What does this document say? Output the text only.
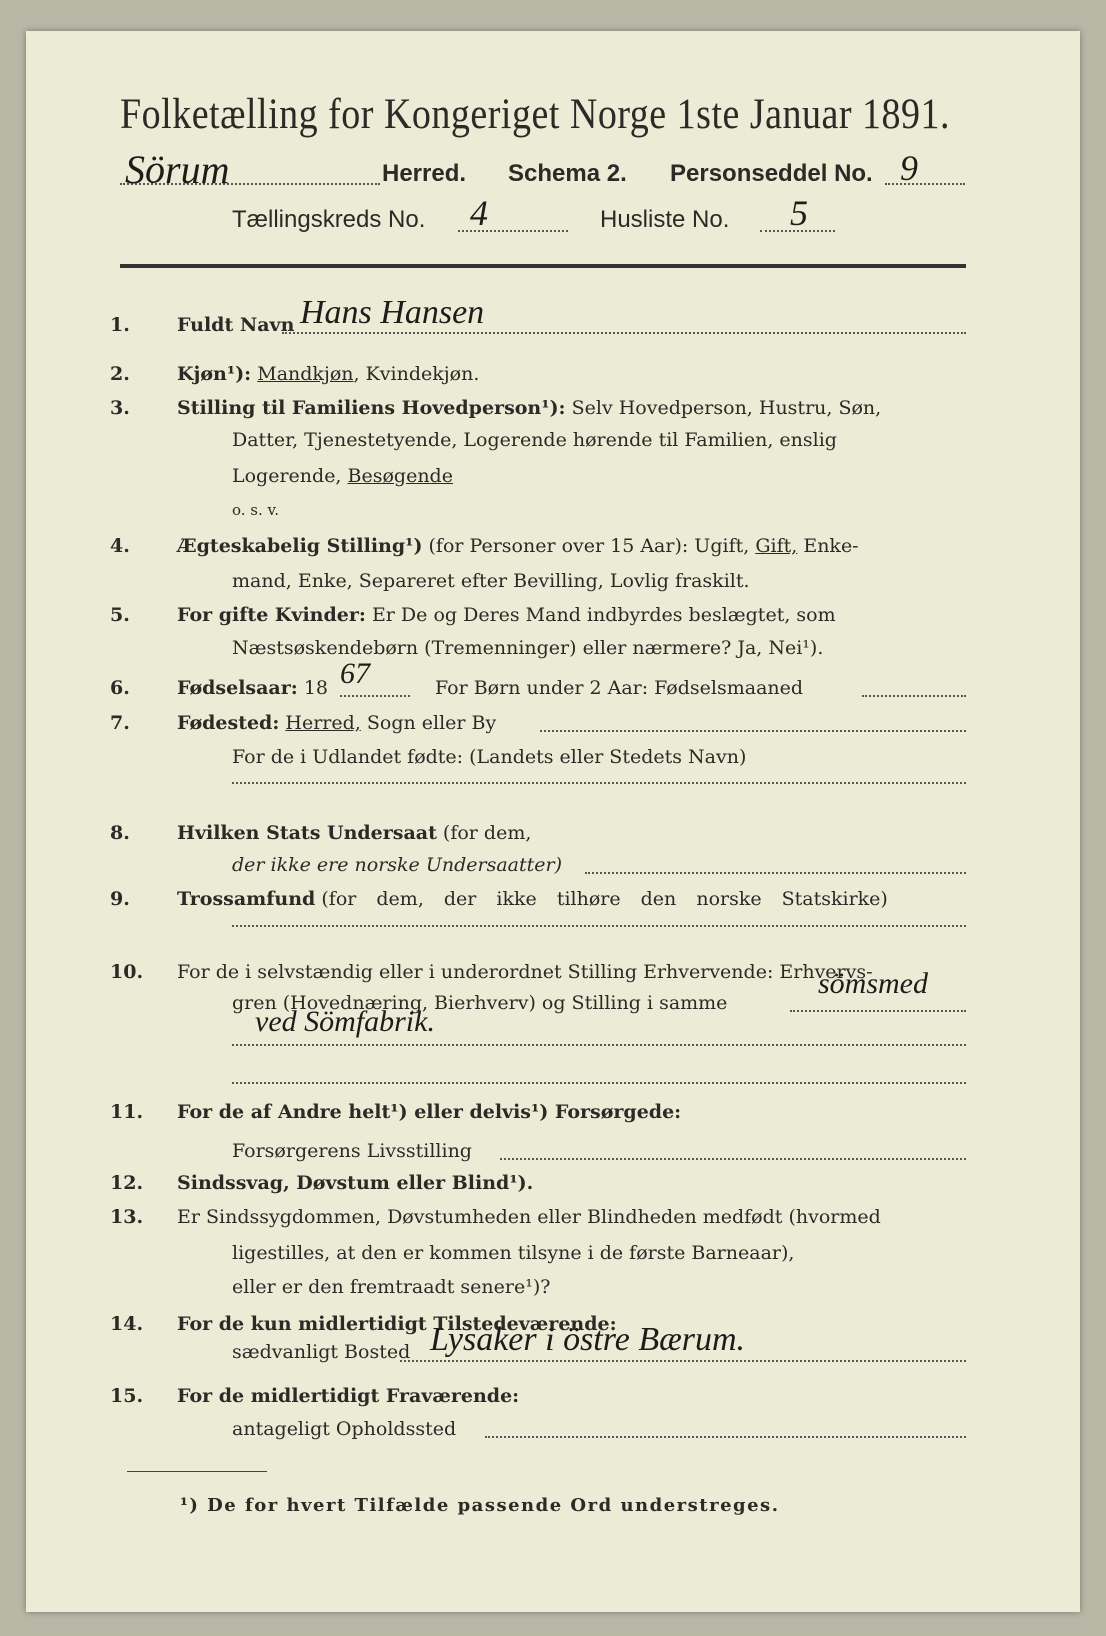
Folketælling for Kongeriget Norge 1ste Januar 1891.
Sörum	Herred. Schema 2. Personseddel No. 9
Tællingskreds No. 4	Husliste No. 5
1. Fuldt Navn Hans Hansen
2. Kjøn¹): Mandkjøn, Kvindekjøn.
3. Stilling til Familiens Hovedperson¹): Selv Hovedperson, Hustru, Søn,
Datter, Tjenestetyende, Logerende hørende til Familien, enslig
Logerende, Besøgende
o. s. v.
4. Ægteskabelig Stilling¹) (for Personer over 15 Aar): Ugift, Gift, Enke-
mand, Enke, Separeret efter Bevilling, Lovlig fraskilt.
5. For gifte Kvinder: Er De og Deres Mand indbyrdes beslægtet, som
Næstsøskendebørn (Tremenninger) eller nærmere? Ja, Nei¹).
6. Fødselsaar: 18 67	For Børn under 2 Aar: Fødselsmaaned
7. Fødested: Herred, Sogn eller By
For de i Udlandet fødte: (Landets eller Stedets Navn)
8. Hvilken Stats Undersaat (for dem,
der ikke ere norske Undersaatter)
9. Trossamfund (for dem, der ikke tilhøre den norske Statskirke)
10. For de i selvstændig eller i underordnet Stilling Erhvervende: Erhvervs-
gren (Hovednæring, Bierhverv) og Stilling i samme
sömsmed
ved Sömfabrik.
11. For de af Andre helt¹) eller delvis¹) Forsørgede:
Forsørgerens Livsstilling
12. Sindssvag, Døvstum eller Blind¹).
13. Er Sindssygdommen, Døvstumheden eller Blindheden medfødt (hvormed
ligestilles, at den er kommen tilsyne i de første Barneaar),
eller er den fremtraadt senere¹)?
14. For de kun midlertidigt Tilstedeværende:
sædvanligt Bosted Lysaker i östre Bærum.
15. For de midlertidigt Fraværende:
antageligt Opholdssted
¹) De for hvert Tilfælde passende Ord understreges.
